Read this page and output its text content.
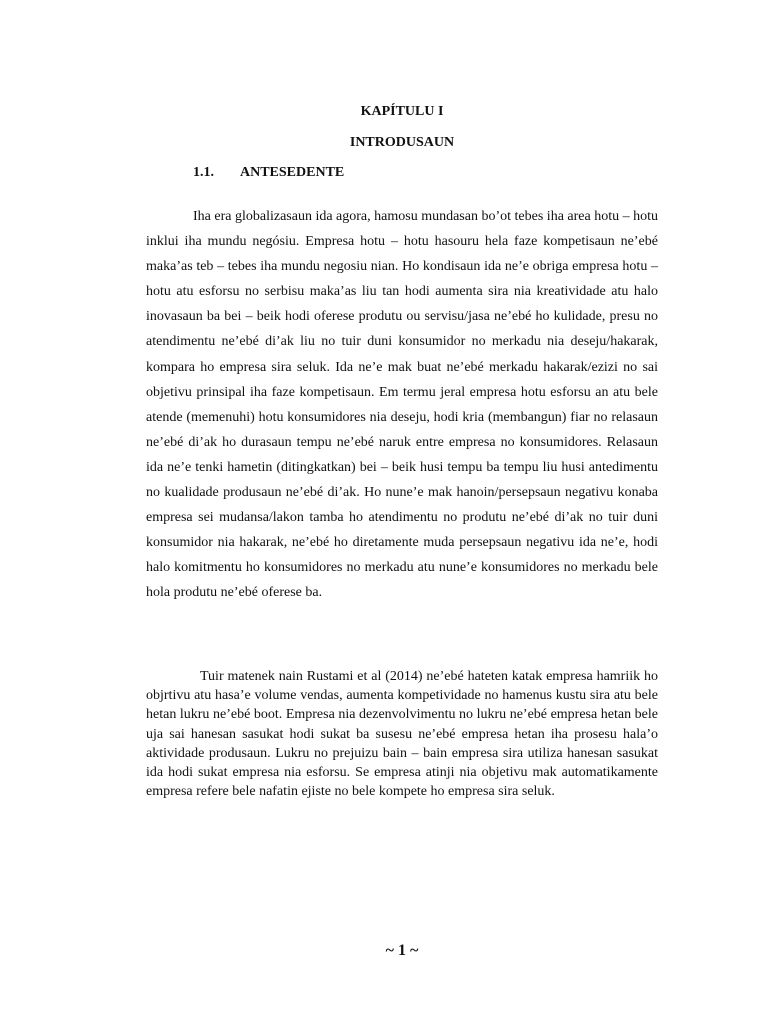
KAPÍTULU I
INTRODUSAUN
1.1. ANTESEDENTE

Iha era globalizasaun ida agora, hamosu mundasan bo’ot tebes iha area hotu – hotu inklui iha mundu negósiu. Empresa hotu – hotu hasouru hela faze kompetisaun ne’ebé maka’as teb – tebes iha mundu negosiu nian. Ho kondisaun ida ne’e obriga empresa hotu – hotu atu esforsu no serbisu maka’as liu tan hodi aumenta sira nia kreatividade atu halo inovasaun ba bei – beik hodi oferese produtu ou servisu/jasa ne’ebé ho kulidade, presu no atendimentu ne’ebé di’ak liu no tuir duni konsumidor no merkadu nia deseju/hakarak, kompara ho empresa sira seluk. Ida ne’e mak buat ne’ebé merkadu hakarak/ezizi no sai objetivu prinsipal iha faze kompetisaun. Em termu jeral empresa hotu esforsu an atu bele atende (memenuhi) hotu konsumidores nia deseju, hodi kria (membangun) fiar no relasaun ne’ebé di’ak ho durasaun tempu ne’ebé naruk entre empresa no konsumidores. Relasaun ida ne’e tenki hametin (ditingkatkan) bei – beik husi tempu ba tempu liu husi antedimentu no kualidade produsaun ne’ebé di’ak. Ho nune’e mak hanoin/persepsaun negativu konaba empresa sei mudansa/lakon tamba ho atendimentu no produtu ne’ebé di’ak no tuir duni konsumidor nia hakarak, ne’ebé ho diretamente muda persepsaun negativu ida ne’e, hodi halo komitmentu ho konsumidores no merkadu atu nune’e konsumidores no merkadu bele hola produtu ne’ebé oferese ba.

Tuir matenek nain Rustami et al (2014) ne’ebé hateten katak empresa hamriik ho objrtivu atu hasa’e volume vendas, aumenta kompetividade no hamenus kustu sira atu bele hetan lukru ne’ebé boot. Empresa nia dezenvolvimentu no lukru ne’ebé empresa hetan bele uja sai hanesan sasukat hodi sukat ba susesu ne’ebé empresa hetan iha prosesu hala’o aktividade produsaun. Lukru no prejuizu bain – bain empresa sira utiliza hanesan sasukat ida hodi sukat empresa nia esforsu. Se empresa atinji nia objetivu mak automatikamente empresa refere bele nafatin ejiste no bele kompete ho empresa sira seluk.

~ 1 ~
